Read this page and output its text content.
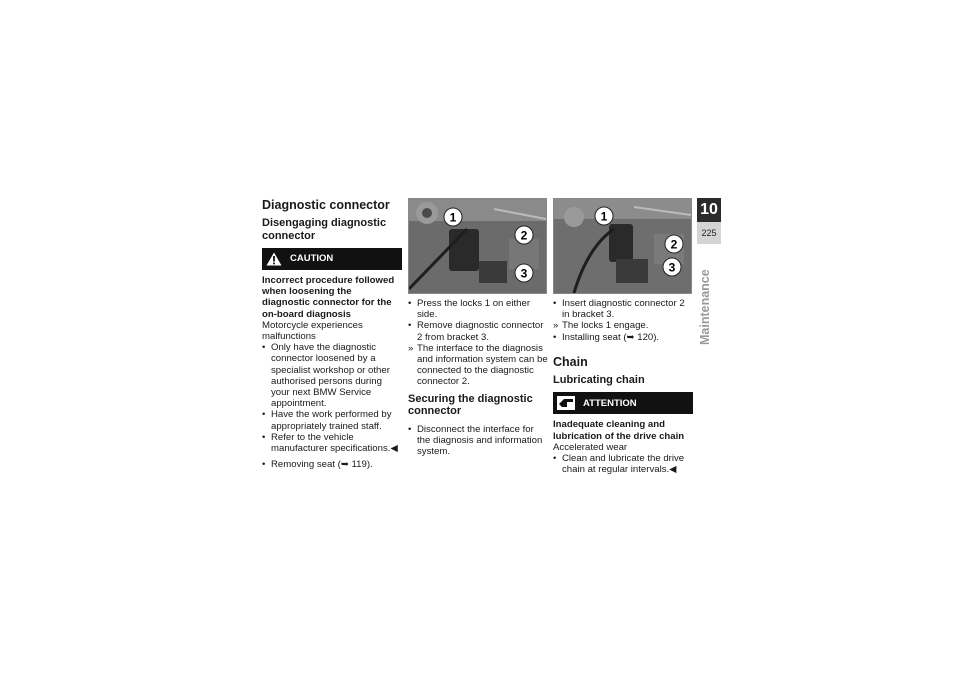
Diagnostic connector
Disengaging diagnostic connector
CAUTION
Incorrect procedure followed when loosening the diagnostic connector for the on-board diagnosis
Motorcycle experiences malfunctions
• Only have the diagnostic connector loosened by a specialist workshop or other authorised persons during your next BMW Service appointment.
• Have the work performed by appropriately trained staff.
• Refer to the vehicle manufacturer specifications.◀
• Removing seat (➥ 119).
1
2
3
• Press the locks 1 on either side.
• Remove diagnostic connector 2 from bracket 3.
» The interface to the diagnosis and information system can be connected to the diagnostic connector 2.
Securing the diagnostic connector
• Disconnect the interface for the diagnosis and information system.
1
2
3
• Insert diagnostic connector 2 in bracket 3.
» The locks 1 engage.
• Installing seat (➥ 120).
Chain
Lubricating chain
ATTENTION
Inadequate cleaning and lubrication of the drive chain
Accelerated wear
• Clean and lubricate the drive chain at regular intervals.◀
10
225
Maintenance
